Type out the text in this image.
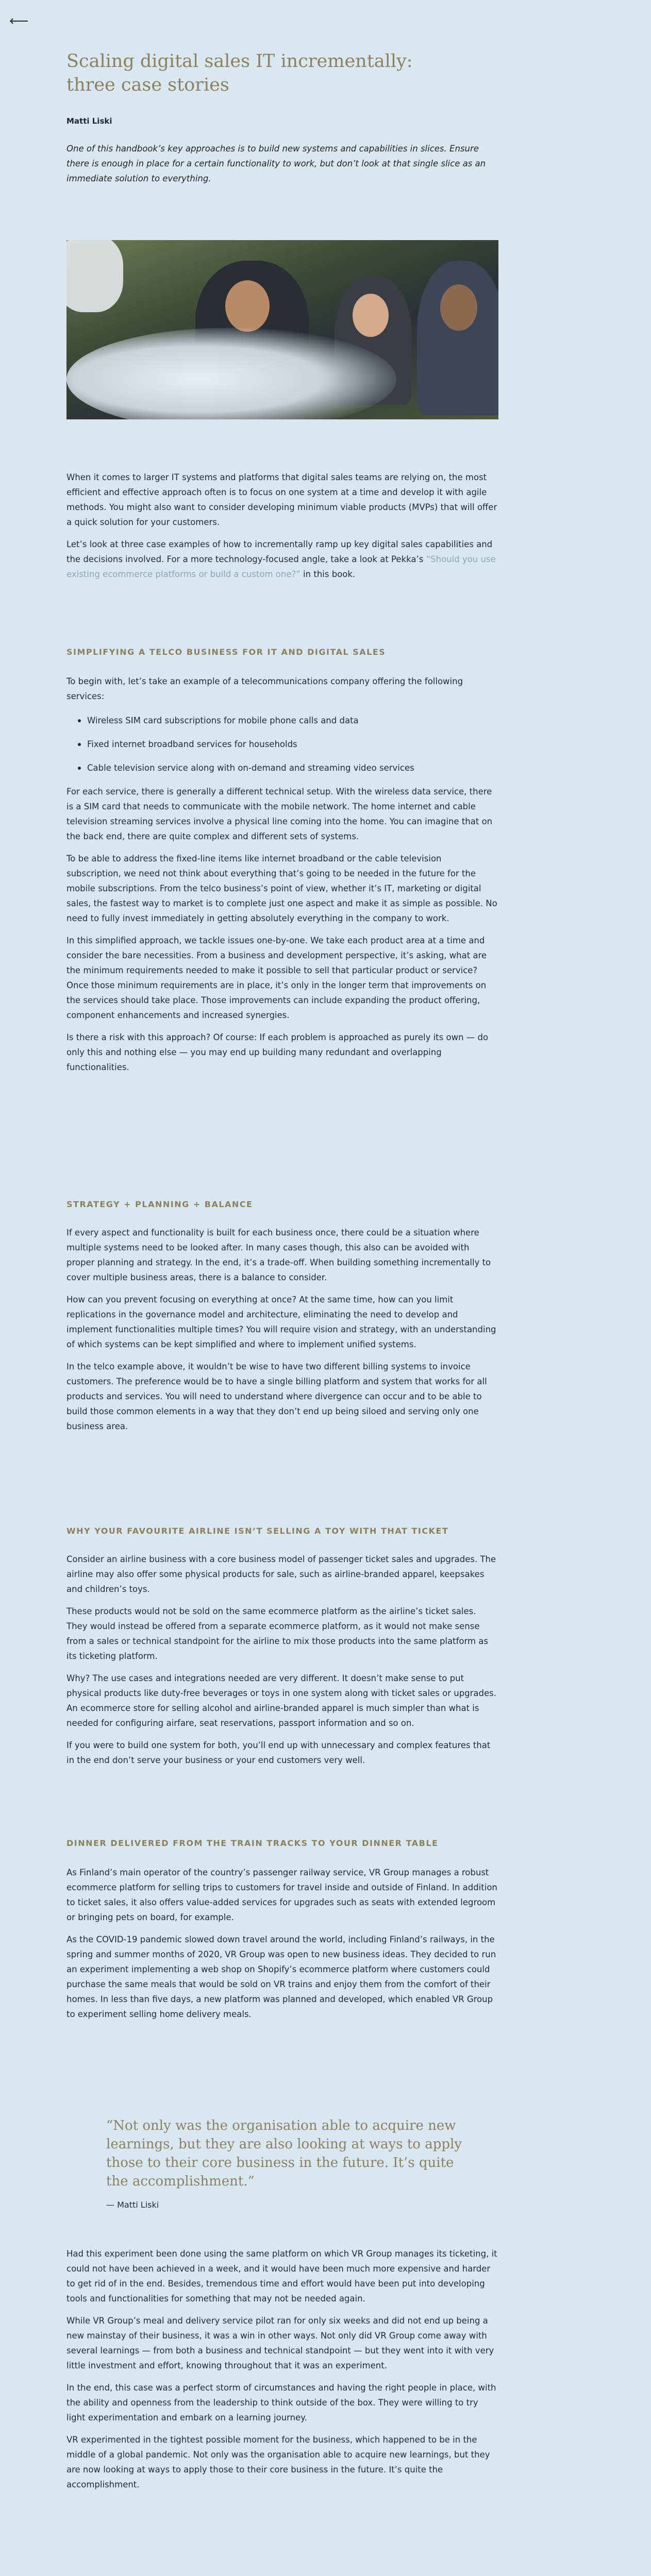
⟵
Scaling digital sales IT incrementally:
three case stories
Matti Liski
One of this handbook’s key approaches is to build new systems and capabilities in slices. Ensure there is enough in place for a certain functionality to work, but don’t look at that single slice as an immediate solution to everything.

When it comes to larger IT systems and platforms that digital sales teams are relying on, the most efficient and effective approach often is to focus on one system at a time and develop it with agile methods. You might also want to consider developing minimum viable products (MVPs) that will offer a quick solution for your customers.

Let’s look at three case examples of how to incrementally ramp up key digital sales capabilities and the decisions involved. For a more technology-focused angle, take a look at Pekka’s “Should you use existing ecommerce platforms or build a custom one?” in this book.

SIMPLIFYING A TELCO BUSINESS FOR IT AND DIGITAL SALES

To begin with, let’s take an example of a telecommunications company offering the following services:

Wireless SIM card subscriptions for mobile phone calls and data
Fixed internet broadband services for households
Cable television service along with on-demand and streaming video services

For each service, there is generally a different technical setup. With the wireless data service, there is a SIM card that needs to communicate with the mobile network. The home internet and cable television streaming services involve a physical line coming into the home. You can imagine that on the back end, there are quite complex and different sets of systems.

To be able to address the fixed-line items like internet broadband or the cable television subscription, we need not think about everything that’s going to be needed in the future for the mobile subscriptions. From the telco business’s point of view, whether it’s IT, marketing or digital sales, the fastest way to market is to complete just one aspect and make it as simple as possible. No need to fully invest immediately in getting absolutely everything in the company to work.

In this simplified approach, we tackle issues one-by-one. We take each product area at a time and consider the bare necessities. From a business and development perspective, it’s asking, what are the minimum requirements needed to make it possible to sell that particular product or service? Once those minimum requirements are in place, it’s only in the longer term that improvements on the services should take place. Those improvements can include expanding the product offering, component enhancements and increased synergies.

Is there a risk with this approach? Of course: If each problem is approached as purely its own — do only this and nothing else — you may end up building many redundant and overlapping functionalities.

STRATEGY + PLANNING + BALANCE

If every aspect and functionality is built for each business once, there could be a situation where multiple systems need to be looked after. In many cases though, this also can be avoided with proper planning and strategy. In the end, it’s a trade-off. When building something incrementally to cover multiple business areas, there is a balance to consider.

How can you prevent focusing on everything at once? At the same time, how can you limit replications in the governance model and architecture, eliminating the need to develop and implement functionalities multiple times? You will require vision and strategy, with an understanding of which systems can be kept simplified and where to implement unified systems.

In the telco example above, it wouldn’t be wise to have two different billing systems to invoice customers. The preference would be to have a single billing platform and system that works for all products and services. You will need to understand where divergence can occur and to be able to build those common elements in a way that they don’t end up being siloed and serving only one business area.

WHY YOUR FAVOURITE AIRLINE ISN’T SELLING A TOY WITH THAT TICKET

Consider an airline business with a core business model of passenger ticket sales and upgrades. The airline may also offer some physical products for sale, such as airline-branded apparel, keepsakes and children’s toys.

These products would not be sold on the same ecommerce platform as the airline’s ticket sales. They would instead be offered from a separate ecommerce platform, as it would not make sense from a sales or technical standpoint for the airline to mix those products into the same platform as its ticketing platform.

Why? The use cases and integrations needed are very different. It doesn’t make sense to put physical products like duty-free beverages or toys in one system along with ticket sales or upgrades. An ecommerce store for selling alcohol and airline-branded apparel is much simpler than what is needed for configuring airfare, seat reservations, passport information and so on.

If you were to build one system for both, you’ll end up with unnecessary and complex features that in the end don’t serve your business or your end customers very well.

DINNER DELIVERED FROM THE TRAIN TRACKS TO YOUR DINNER TABLE

As Finland’s main operator of the country’s passenger railway service, VR Group manages a robust ecommerce platform for selling trips to customers for travel inside and outside of Finland. In addition to ticket sales, it also offers value-added services for upgrades such as seats with extended legroom or bringing pets on board, for example.

As the COVID-19 pandemic slowed down travel around the world, including Finland’s railways, in the spring and summer months of 2020, VR Group was open to new business ideas. They decided to run an experiment implementing a web shop on Shopify’s ecommerce platform where customers could purchase the same meals that would be sold on VR trains and enjoy them from the comfort of their homes. In less than five days, a new platform was planned and developed, which enabled VR Group to experiment selling home delivery meals.

“Not only was the organisation able to acquire new learnings, but they are also looking at ways to apply those to their core business in the future. It’s quite the accomplishment.”
— Matti Liski

Had this experiment been done using the same platform on which VR Group manages its ticketing, it could not have been achieved in a week, and it would have been much more expensive and harder to get rid of in the end. Besides, tremendous time and effort would have been put into developing tools and functionalities for something that may not be needed again.

While VR Group’s meal and delivery service pilot ran for only six weeks and did not end up being a new mainstay of their business, it was a win in other ways. Not only did VR Group come away with several learnings — from both a business and technical standpoint — but they went into it with very little investment and effort, knowing throughout that it was an experiment.

In the end, this case was a perfect storm of circumstances and having the right people in place, with the ability and openness from the leadership to think outside of the box. They were willing to try light experimentation and embark on a learning journey.

VR experimented in the tightest possible moment for the business, which happened to be in the middle of a global pandemic. Not only was the organisation able to acquire new learnings, but they are now looking at ways to apply those to their core business in the future. It’s quite the accomplishment.
